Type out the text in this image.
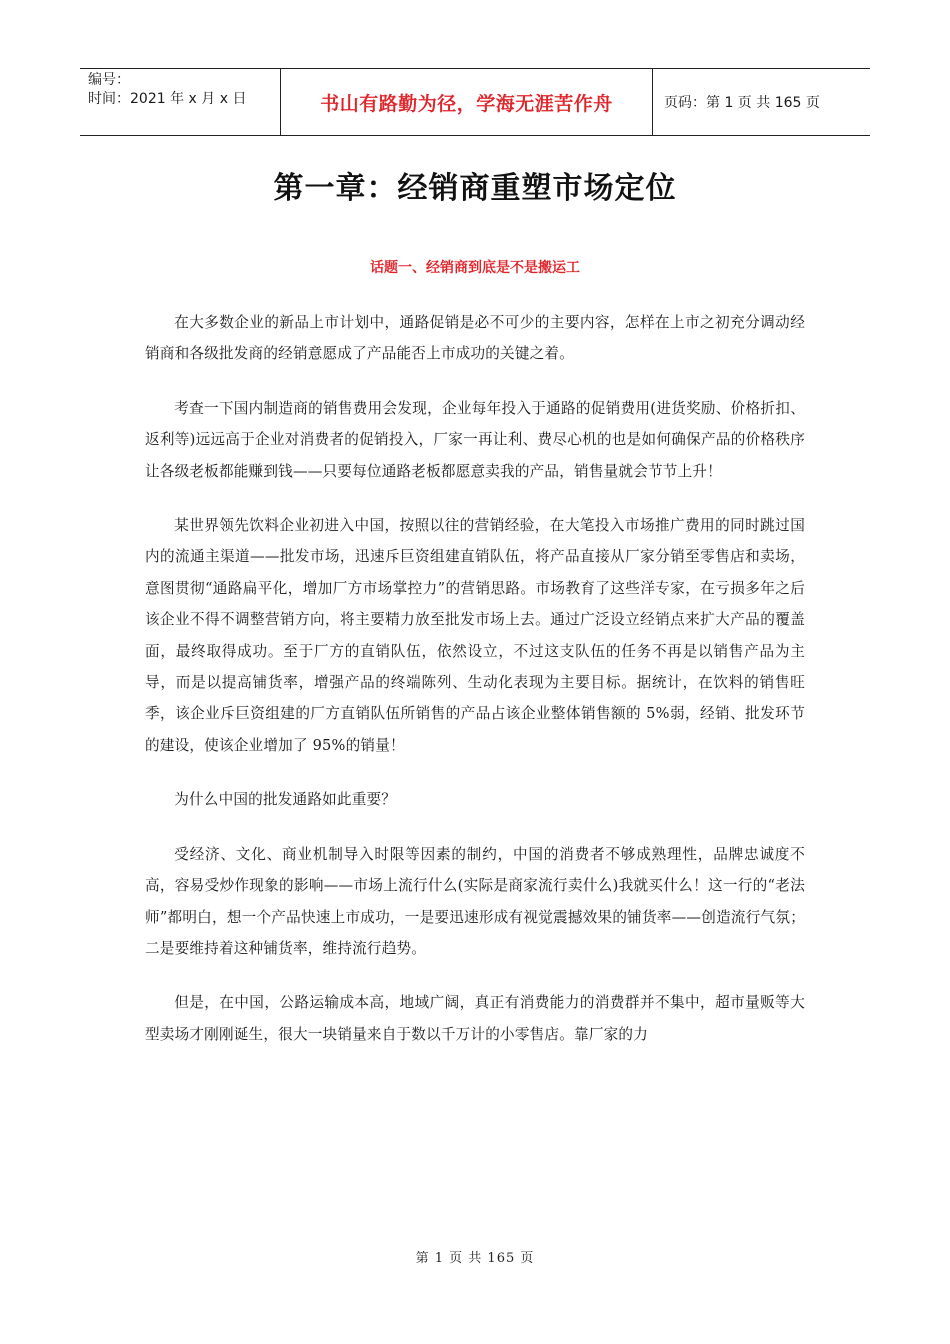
编号：
时间：2021 年 x 月 x 日	书山有路勤为径，学海无涯苦作舟	页码：第 1 页 共 165 页
第一章：经销商重塑市场定位
话题一、经销商到底是不是搬运工

在大多数企业的新品上市计划中，通路促销是必不可少的主要内容，怎样在上市之初充分调动经销商和各级批发商的经销意愿成了产品能否上市成功的关键之着。

考查一下国内制造商的销售费用会发现，企业每年投入于通路的促销费用(进货奖励、价格折扣、返利等)远远高于企业对消费者的促销投入，厂家一再让利、费尽心机的也是如何确保产品的价格秩序让各级老板都能赚到钱——只要每位通路老板都愿意卖我的产品，销售量就会节节上升！

某世界领先饮料企业初进入中国，按照以往的营销经验，在大笔投入市场推广费用的同时跳过国内的流通主渠道——批发市场，迅速斥巨资组建直销队伍，将产品直接从厂家分销至零售店和卖场，意图贯彻“通路扁平化，增加厂方市场掌控力”的营销思路。市场教育了这些洋专家，在亏损多年之后该企业不得不调整营销方向，将主要精力放至批发市场上去。通过广泛设立经销点来扩大产品的覆盖面，最终取得成功。至于厂方的直销队伍，依然设立，不过这支队伍的任务不再是以销售产品为主导，而是以提高铺货率，增强产品的终端陈列、生动化表现为主要目标。据统计，在饮料的销售旺季，该企业斥巨资组建的厂方直销队伍所销售的产品占该企业整体销售额的 5%弱，经销、批发环节的建设，使该企业增加了 95%的销量！

为什么中国的批发通路如此重要？

受经济、文化、商业机制导入时限等因素的制约，中国的消费者不够成熟理性，品牌忠诚度不高，容易受炒作现象的影响——市场上流行什么(实际是商家流行卖什么)我就买什么！这一行的“老法师”都明白，想一个产品快速上市成功，一是要迅速形成有视觉震撼效果的铺货率——创造流行气氛；二是要维持着这种铺货率，维持流行趋势。

但是，在中国，公路运输成本高，地域广阔，真正有消费能力的消费群并不集中，超市量贩等大型卖场才刚刚诞生，很大一块销量来自于数以千万计的小零售店。靠厂家的力

第 1 页 共 165 页
